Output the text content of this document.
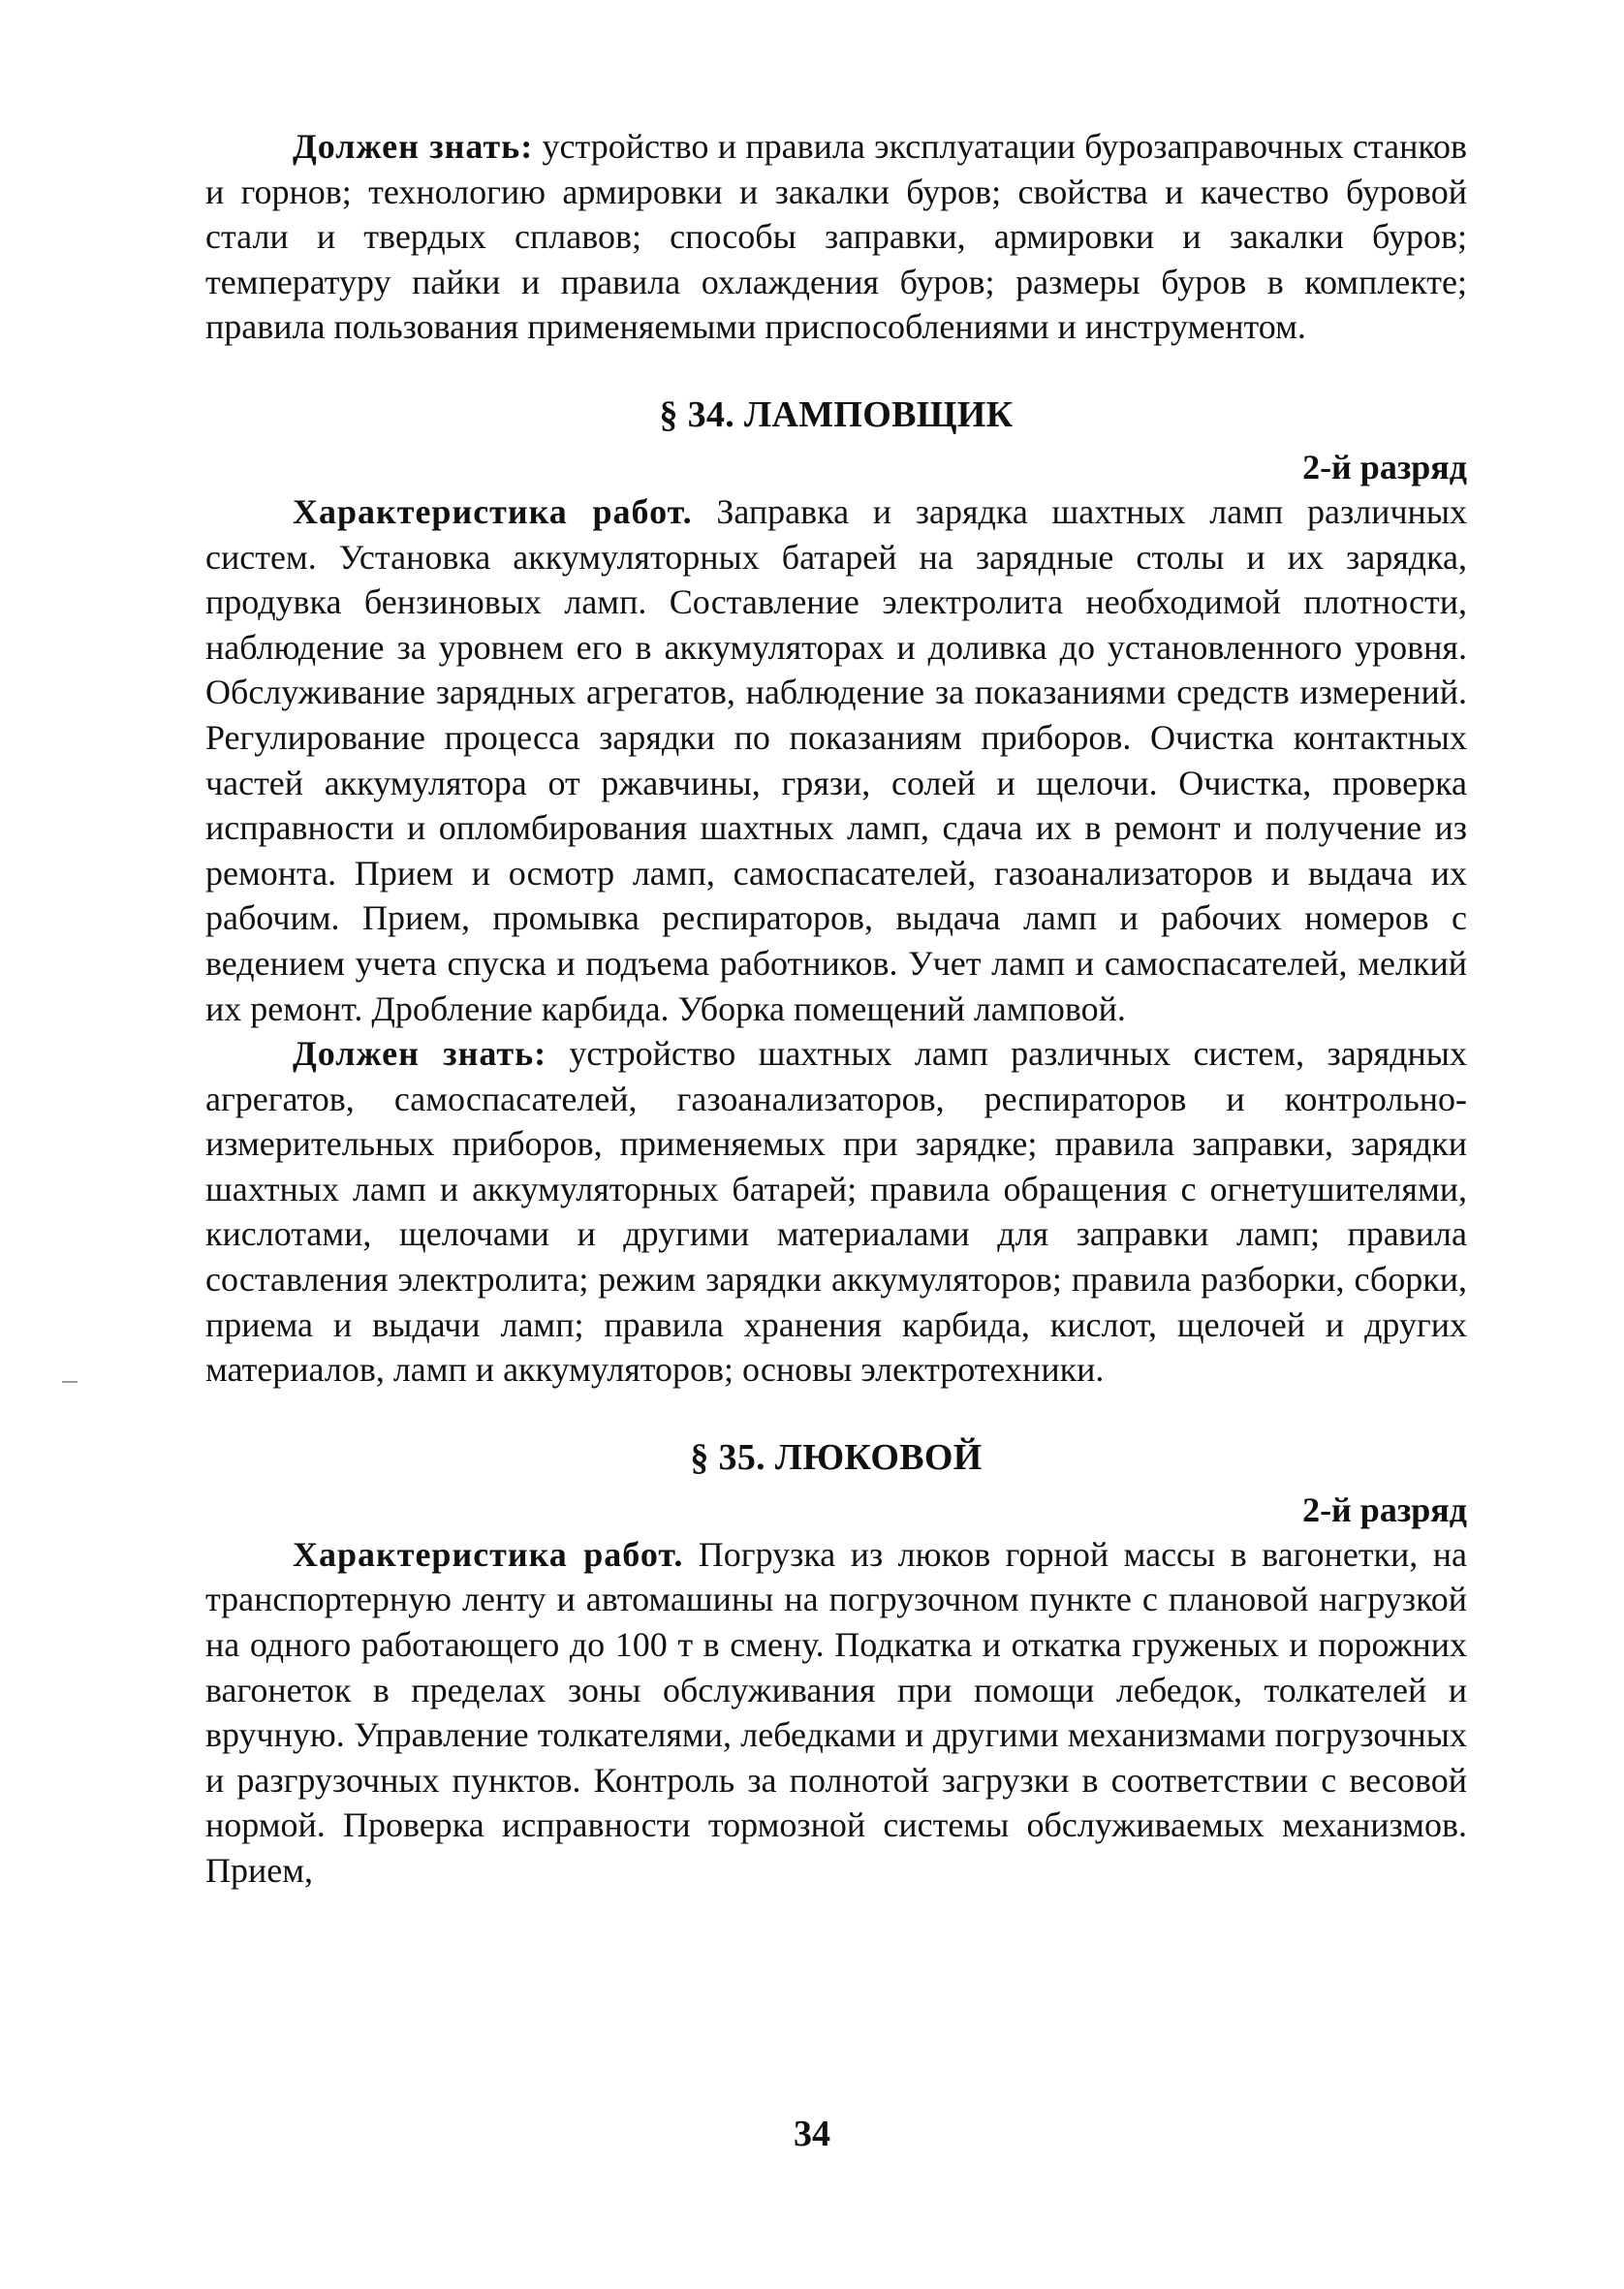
Должен знать: устройство и правила эксплуатации бурозаправочных станков и горнов; технологию армировки и закалки буров; свойства и качество буровой стали и твердых сплавов; способы заправки, армировки и закалки буров; температуру пайки и правила охлаждения буров; размеры буров в комплекте; правила пользования применяемыми приспособлениями и инструментом.

§ 34. ЛАМПОВЩИК

2-й разряд

Характеристика работ. Заправка и зарядка шахтных ламп различных систем. Установка аккумуляторных батарей на зарядные столы и их зарядка, продувка бензиновых ламп. Составление электролита необходимой плотности, наблюдение за уровнем его в аккумуляторах и доливка до установленного уровня. Обслуживание зарядных агрегатов, наблюдение за показаниями средств измерений. Регулирование процесса зарядки по показаниям приборов. Очистка контактных частей аккумулятора от ржавчины, грязи, солей и щелочи. Очистка, проверка исправности и опломбирования шахтных ламп, сдача их в ремонт и получение из ремонта. Прием и осмотр ламп, самоспасателей, газоанализаторов и выдача их рабочим. Прием, промывка респираторов, выдача ламп и рабочих номеров с ведением учета спуска и подъема работников. Учет ламп и самоспасателей, мелкий их ремонт. Дробление карбида. Уборка помещений ламповой.

Должен знать: устройство шахтных ламп различных систем, зарядных агрегатов, самоспасателей, газоанализаторов, респираторов и контрольно-измерительных приборов, применяемых при зарядке; правила заправки, зарядки шахтных ламп и аккумуляторных батарей; правила обращения с огнетушителями, кислотами, щелочами и другими материалами для заправки ламп; правила составления электролита; режим зарядки аккумуляторов; правила разборки, сборки, приема и выдачи ламп; правила хранения карбида, кислот, щелочей и других материалов, ламп и аккумуляторов; основы электротехники.

§ 35. ЛЮКОВОЙ

2-й разряд

Характеристика работ. Погрузка из люков горной массы в вагонетки, на транспортерную ленту и автомашины на погрузочном пункте с плановой нагрузкой на одного работающего до 100 т в смену. Подкатка и откатка груженых и порожних вагонеток в пределах зоны обслуживания при помощи лебедок, толкателей и вручную. Управление толкателями, лебедками и другими механизмами погрузочных и разгрузочных пунктов. Контроль за полнотой загрузки в соответствии с весовой нормой. Проверка исправности тормозной системы обслуживаемых механизмов. Прием,

34
